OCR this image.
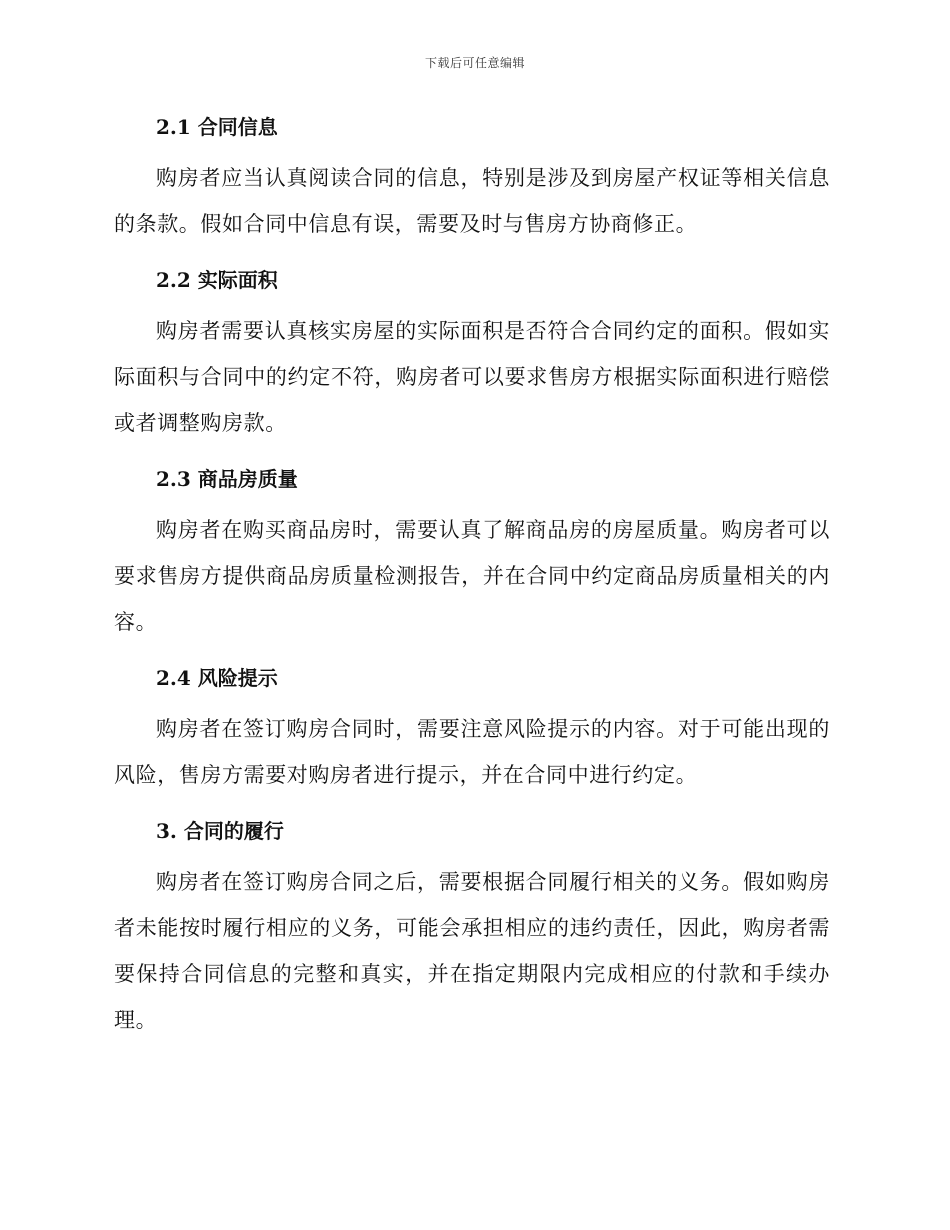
下载后可任意编辑
2.1 合同信息

购房者应当认真阅读合同的信息，特别是涉及到房屋产权证等相关信息的条款。假如合同中信息有误，需要及时与售房方协商修正。

2.2 实际面积

购房者需要认真核实房屋的实际面积是否符合合同约定的面积。假如实际面积与合同中的约定不符，购房者可以要求售房方根据实际面积进行赔偿或者调整购房款。

2.3 商品房质量

购房者在购买商品房时，需要认真了解商品房的房屋质量。购房者可以要求售房方提供商品房质量检测报告，并在合同中约定商品房质量相关的内容。

2.4 风险提示

购房者在签订购房合同时，需要注意风险提示的内容。对于可能出现的风险，售房方需要对购房者进行提示，并在合同中进行约定。

3. 合同的履行

购房者在签订购房合同之后，需要根据合同履行相关的义务。假如购房者未能按时履行相应的义务，可能会承担相应的违约责任，因此，购房者需要保持合同信息的完整和真实，并在指定期限内完成相应的付款和手续办理。
